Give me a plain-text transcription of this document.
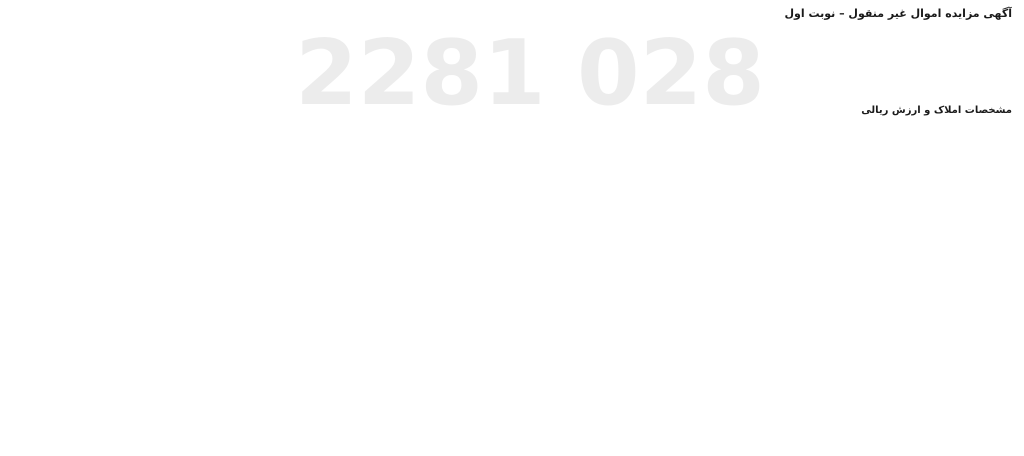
آگهی مزایده اموال غیر منقول – نوبت اول
مشخصات املاک و ارزش ریالی
2281 028
